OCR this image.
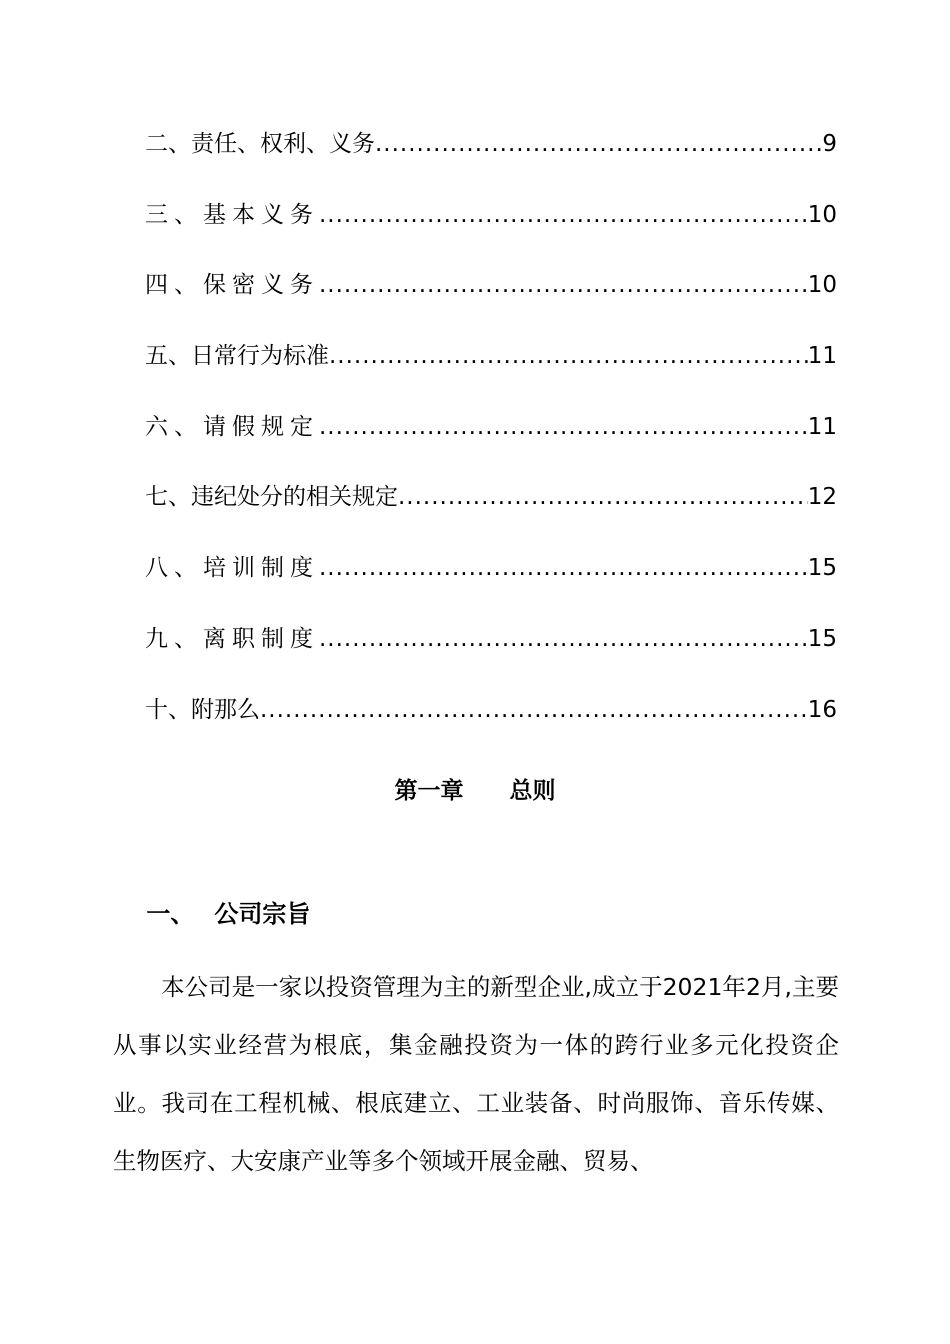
二、责任、权利、义务 .....	9
三、基本义务 .....	10
四、保密义务 .....	10
五、日常行为标准 .....	11
六、请假规定 .....	11
七、违纪处分的相关规定 .....	12
八、培训制度 .....	15
九、离职制度 .....	15
十、附那么 .....	16
第一章　　总则

一、 公司宗旨

本公司是一家以投资管理为主的新型企业,成立于2021年2月,主要从事以实业经营为根底，集金融投资为一体的跨行业多元化投资企业。我司在工程机械、根底建立、工业装备、时尚服饰、音乐传媒、生物医疗、大安康产业等多个领域开展金融、贸易、
